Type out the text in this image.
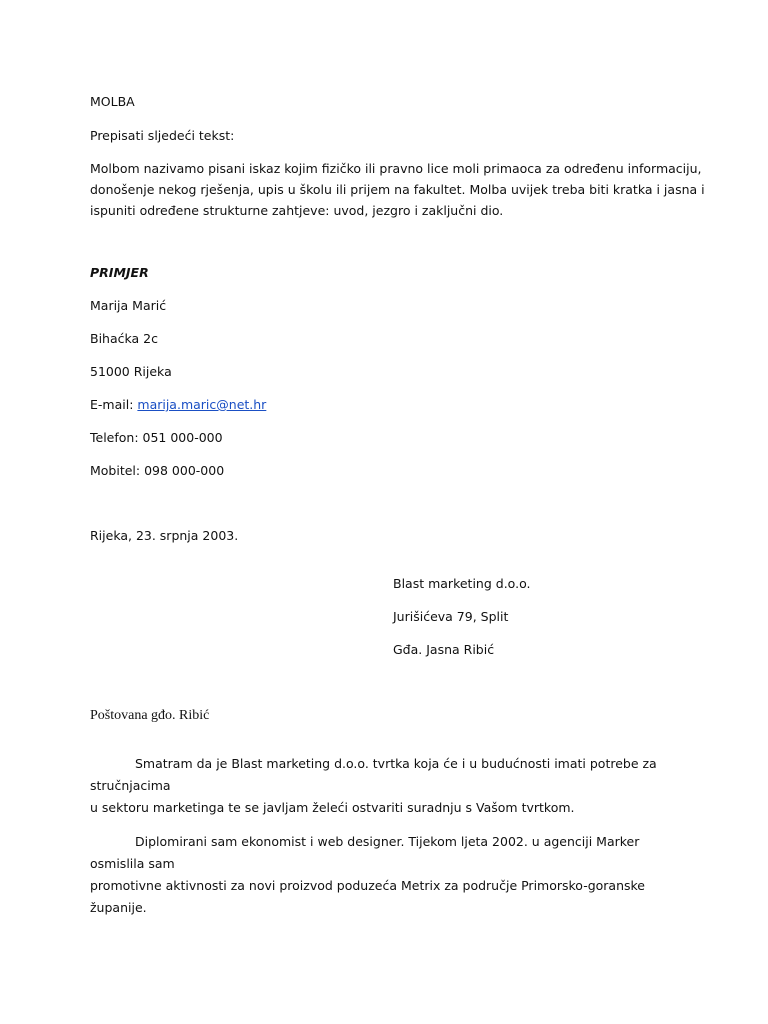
MOLBA
Prepisati sljedeći tekst:
Molbom nazivamo pisani iskaz kojim fizičko ili pravno lice moli primaoca za određenu informaciju,
donošenje nekog rješenja, upis u školu ili prijem na fakultet. Molba uvijek treba biti kratka i jasna i
ispuniti određene strukturne zahtjeve: uvod, jezgro i zaključni dio.
PRIMJER
Marija Marić
Bihaćka 2c
51000 Rijeka
E-mail: marija.maric@net.hr
Telefon: 051 000-000
Mobitel: 098 000-000
Rijeka, 23. srpnja 2003.
Blast marketing d.o.o.
Jurišićeva 79, Split
Gđa. Jasna Ribić
Poštovana gđo. Ribić
Smatram da je Blast marketing d.o.o. tvrtka koja će i u budućnosti imati potrebe za stručnjacima
u sektoru marketinga te se javljam želeći ostvariti suradnju s Vašom tvrtkom.
Diplomirani sam ekonomist i web designer. Tijekom ljeta 2002. u agenciji Marker osmislila sam
promotivne aktivnosti za novi proizvod poduzeća Metrix za područje Primorsko-goranske županije.
